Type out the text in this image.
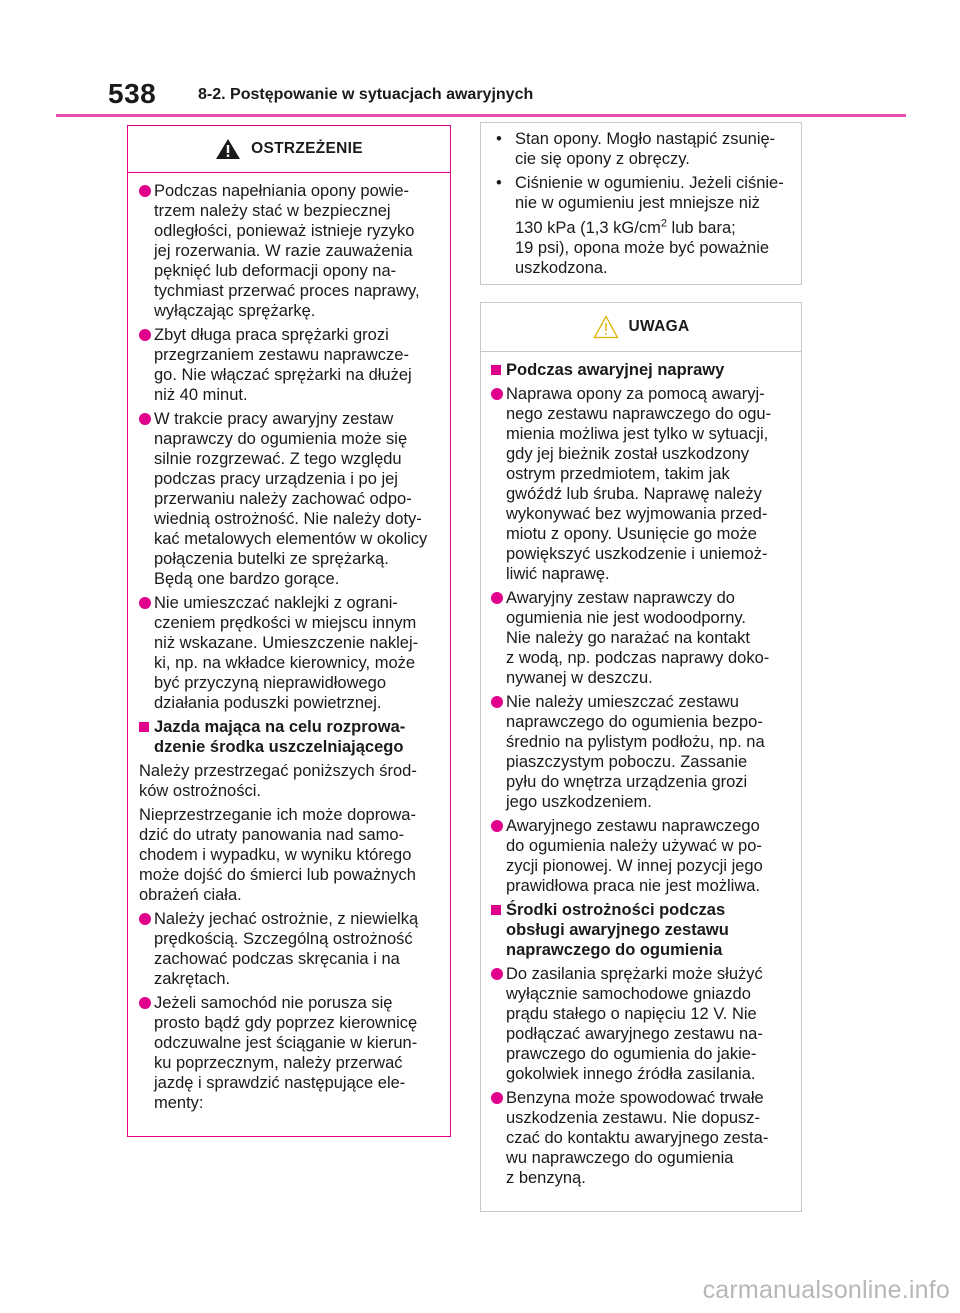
538	8-2. Postępowanie w sytuacjach awaryjnych
OSTRZEŻENIE
Podczas napełniania opony powie-
trzem należy stać w bezpiecznej
odległości, ponieważ istnieje ryzyko
jej rozerwania. W razie zauważenia
pęknięć lub deformacji opony na-
tychmiast przerwać proces naprawy,
wyłączając sprężarkę.
Zbyt długa praca sprężarki grozi
przegrzaniem zestawu naprawcze-
go. Nie włączać sprężarki na dłużej
niż 40 minut.
W trakcie pracy awaryjny zestaw
naprawczy do ogumienia może się
silnie rozgrzewać. Z tego względu
podczas pracy urządzenia i po jej
przerwaniu należy zachować odpo-
wiednią ostrożność. Nie należy doty-
kać metalowych elementów w okolicy
połączenia butelki ze sprężarką.
Będą one bardzo gorące.
Nie umieszczać naklejki z ograni-
czeniem prędkości w miejscu innym
niż wskazane. Umieszczenie naklej-
ki, np. na wkładce kierownicy, może
być przyczyną nieprawidłowego
działania poduszki powietrznej.
Jazda mająca na celu rozprowa-
dzenie środka uszczelniającego
Należy przestrzegać poniższych środ-
ków ostrożności.
Nieprzestrzeganie ich może doprowa-
dzić do utraty panowania nad samo-
chodem i wypadku, w wyniku którego
może dojść do śmierci lub poważnych
obrażeń ciała.
Należy jechać ostrożnie, z niewielką
prędkością. Szczególną ostrożność
zachować podczas skręcania i na
zakrętach.
Jeżeli samochód nie porusza się
prosto bądź gdy poprzez kierownicę
odczuwalne jest ściąganie w kierun-
ku poprzecznym, należy przerwać
jazdę i sprawdzić następujące ele-
menty:
• Stan opony. Mogło nastąpić zsunię-
cie się opony z obręczy.
• Ciśnienie w ogumieniu. Jeżeli ciśnie-
nie w ogumieniu jest mniejsze niż
130 kPa (1,3 $kG/cm^2$ lub bara;
19 psi), opona może być poważnie
uszkodzona.
UWAGA
Podczas awaryjnej naprawy
Naprawa opony za pomocą awaryj-
nego zestawu naprawczego do ogu-
mienia możliwa jest tylko w sytuacji,
gdy jej bieżnik został uszkodzony
ostrym przedmiotem, takim jak
gwóźdź lub śruba. Naprawę należy
wykonywać bez wyjmowania przed-
miotu z opony. Usunięcie go może
powiększyć uszkodzenie i uniemoż-
liwić naprawę.
Awaryjny zestaw naprawczy do
ogumienia nie jest wodoodporny.
Nie należy go narażać na kontakt
z wodą, np. podczas naprawy doko-
nywanej w deszczu.
Nie należy umieszczać zestawu
naprawczego do ogumienia bezpo-
średnio na pylistym podłożu, np. na
piaszczystym poboczu. Zassanie
pyłu do wnętrza urządzenia grozi
jego uszkodzeniem.
Awaryjnego zestawu naprawczego
do ogumienia należy używać w po-
zycji pionowej. W innej pozycji jego
prawidłowa praca nie jest możliwa.
Środki ostrożności podczas
obsługi awaryjnego zestawu
naprawczego do ogumienia
Do zasilania sprężarki może służyć
wyłącznie samochodowe gniazdo
prądu stałego o napięciu 12 V. Nie
podłączać awaryjnego zestawu na-
prawczego do ogumienia do jakie-
gokolwiek innego źródła zasilania.
Benzyna może spowodować trwałe
uszkodzenia zestawu. Nie dopusz-
czać do kontaktu awaryjnego zesta-
wu naprawczego do ogumienia
z benzyną.
carmanualsonline.info
